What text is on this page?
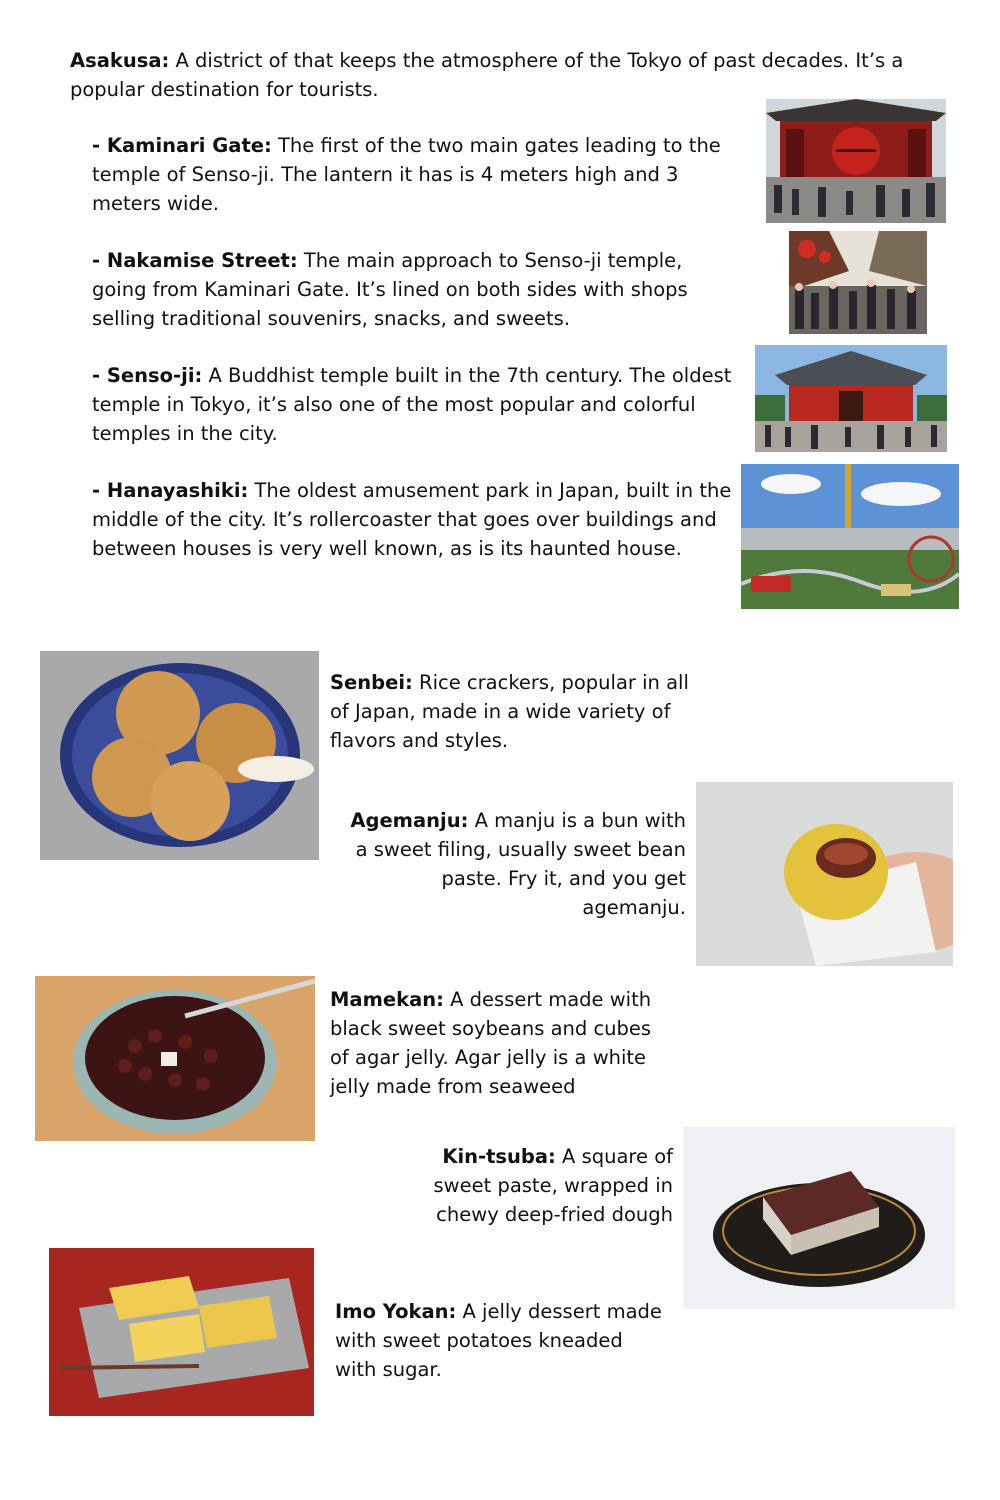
Asakusa: A district of that keeps the atmosphere of the Tokyo of past decades. It’s a popular destination for tourists.

- Kaminari Gate: The first of the two main gates leading to the temple of Senso-ji. The lantern it has is 4 meters high and 3 meters wide.

- Nakamise Street: The main approach to Senso-ji temple, going from Kaminari Gate. It’s lined on both sides with shops selling traditional souvenirs, snacks, and sweets.

- Senso-ji: A Buddhist temple built in the 7th century. The oldest temple in Tokyo, it’s also one of the most popular and colorful temples in the city.

- Hanayashiki: The oldest amusement park in Japan, built in the middle of the city. It’s rollercoaster that goes over buildings and between houses is very well known, as is its haunted house.

Senbei: Rice crackers, popular in all of Japan, made in a wide variety of flavors and styles.

Agemanju: A manju is a bun with a sweet filing, usually sweet bean paste. Fry it, and you get agemanju.

Mamekan: A dessert made with black sweet soybeans and cubes of agar jelly. Agar jelly is a white jelly made from seaweed

Kin-tsuba: A square of sweet paste, wrapped in chewy deep-fried dough

Imo Yokan: A jelly dessert made with sweet potatoes kneaded with sugar.
